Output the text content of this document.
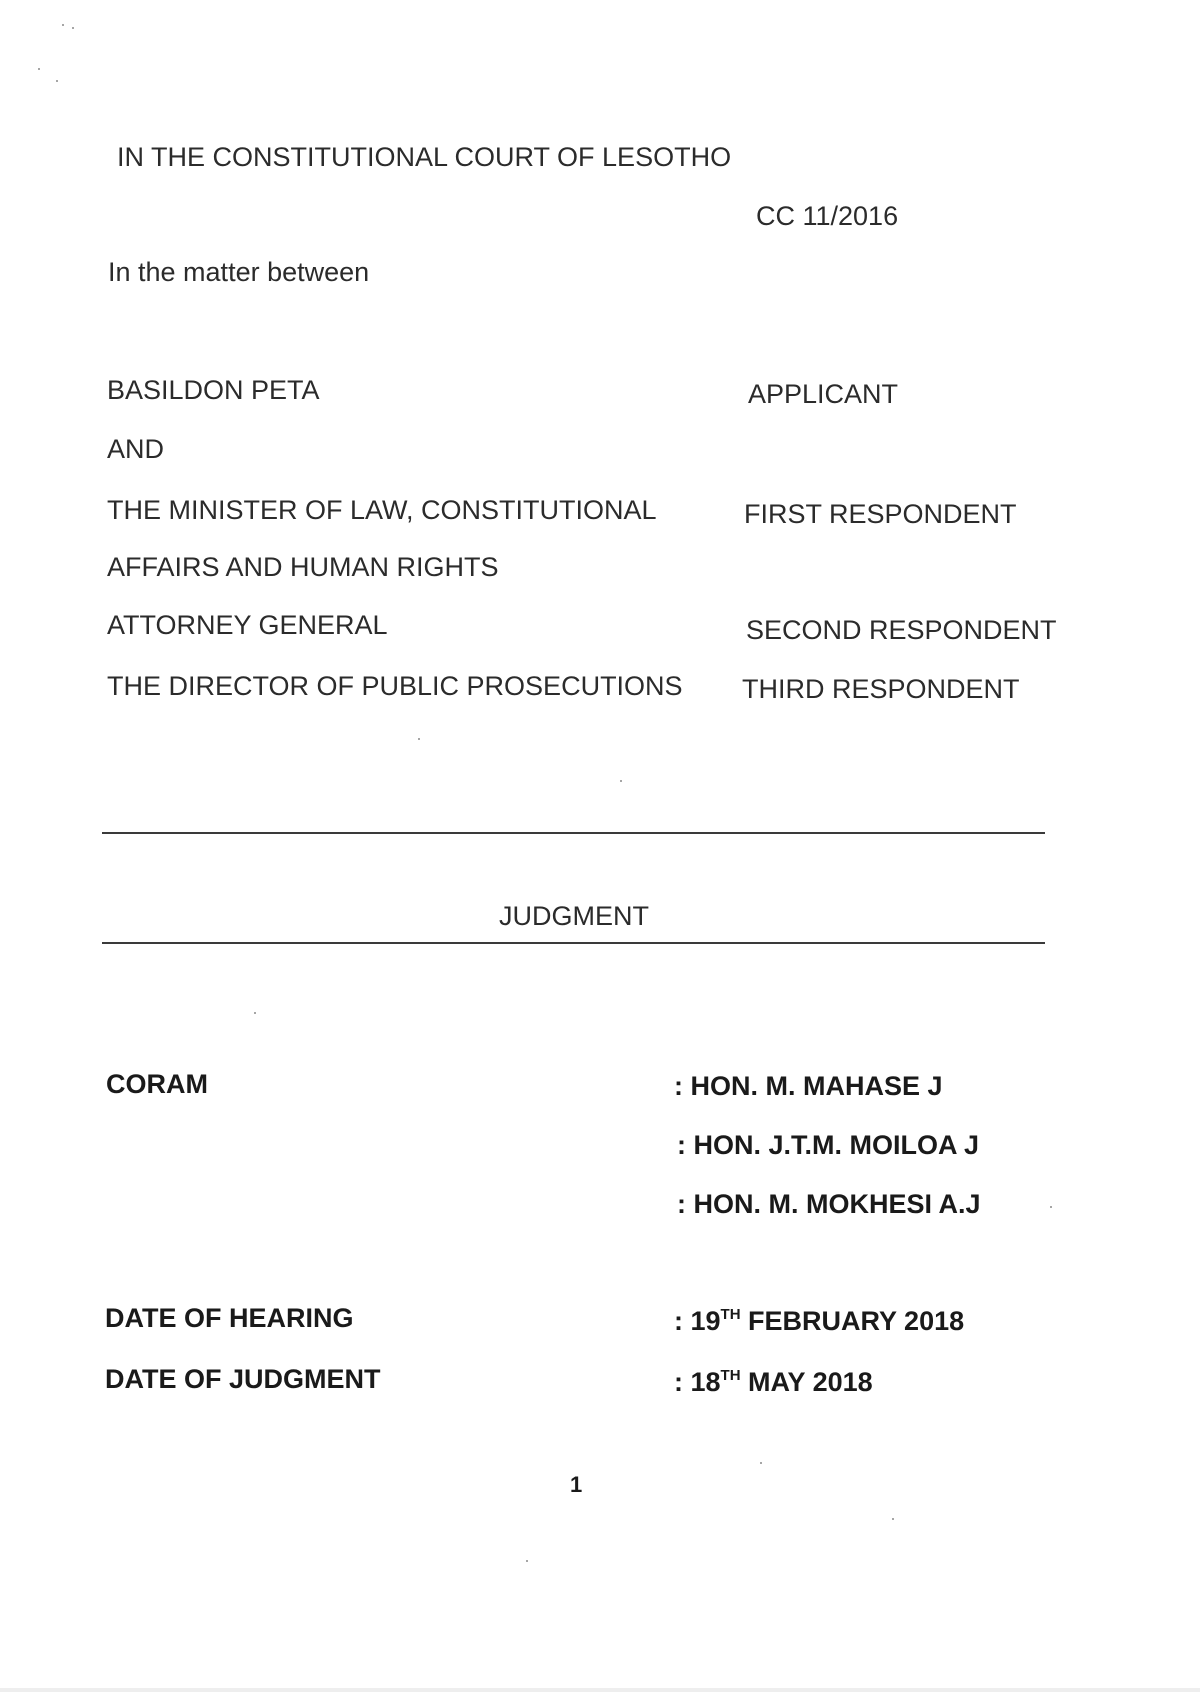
IN THE CONSTITUTIONAL COURT OF LESOTHO
CC 11/2016
In the matter between
BASILDON PETA	APPLICANT
AND
THE MINISTER OF LAW, CONSTITUTIONAL	FIRST RESPONDENT
AFFAIRS AND HUMAN RIGHTS
ATTORNEY GENERAL	SECOND RESPONDENT
THE DIRECTOR OF PUBLIC PROSECUTIONS THIRD RESPONDENT
JUDGMENT
CORAM	: HON. M. MAHASE J
: HON. J.T.M. MOILOA J
: HON. M. MOKHESI A.J
DATE OF HEARING	: 19TH FEBRUARY 2018
DATE OF JUDGMENT	: 18TH MAY 2018
1
